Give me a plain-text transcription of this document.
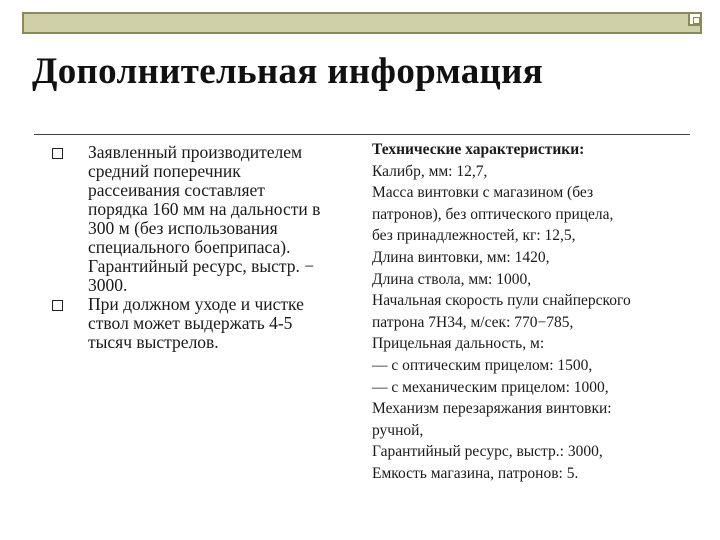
Дополнительная информация
Заявленный производителем
средний поперечник
рассеивания составляет
порядка 160 мм на дальности в
300 м (без использования
специального боеприпаса).
Гарантийный ресурс, выстр. −
3000.
При должном уходе и чистке
ствол может выдержать 4-5
тысяч выстрелов.
Технические характеристики:
Калибр, мм: 12,7,
Масса винтовки с магазином (без
патронов), без оптического прицела,
без принадлежностей, кг: 12,5,
Длина винтовки, мм: 1420,
Длина ствола, мм: 1000,
Начальная скорость пули снайперского
патрона 7Н34, м/сек: 770−785,
Прицельная дальность, м:
— с оптическим прицелом: 1500,
— с механическим прицелом: 1000,
Механизм перезаряжания винтовки:
ручной,
Гарантийный ресурс, выстр.: 3000,
Емкость магазина, патронов: 5.
